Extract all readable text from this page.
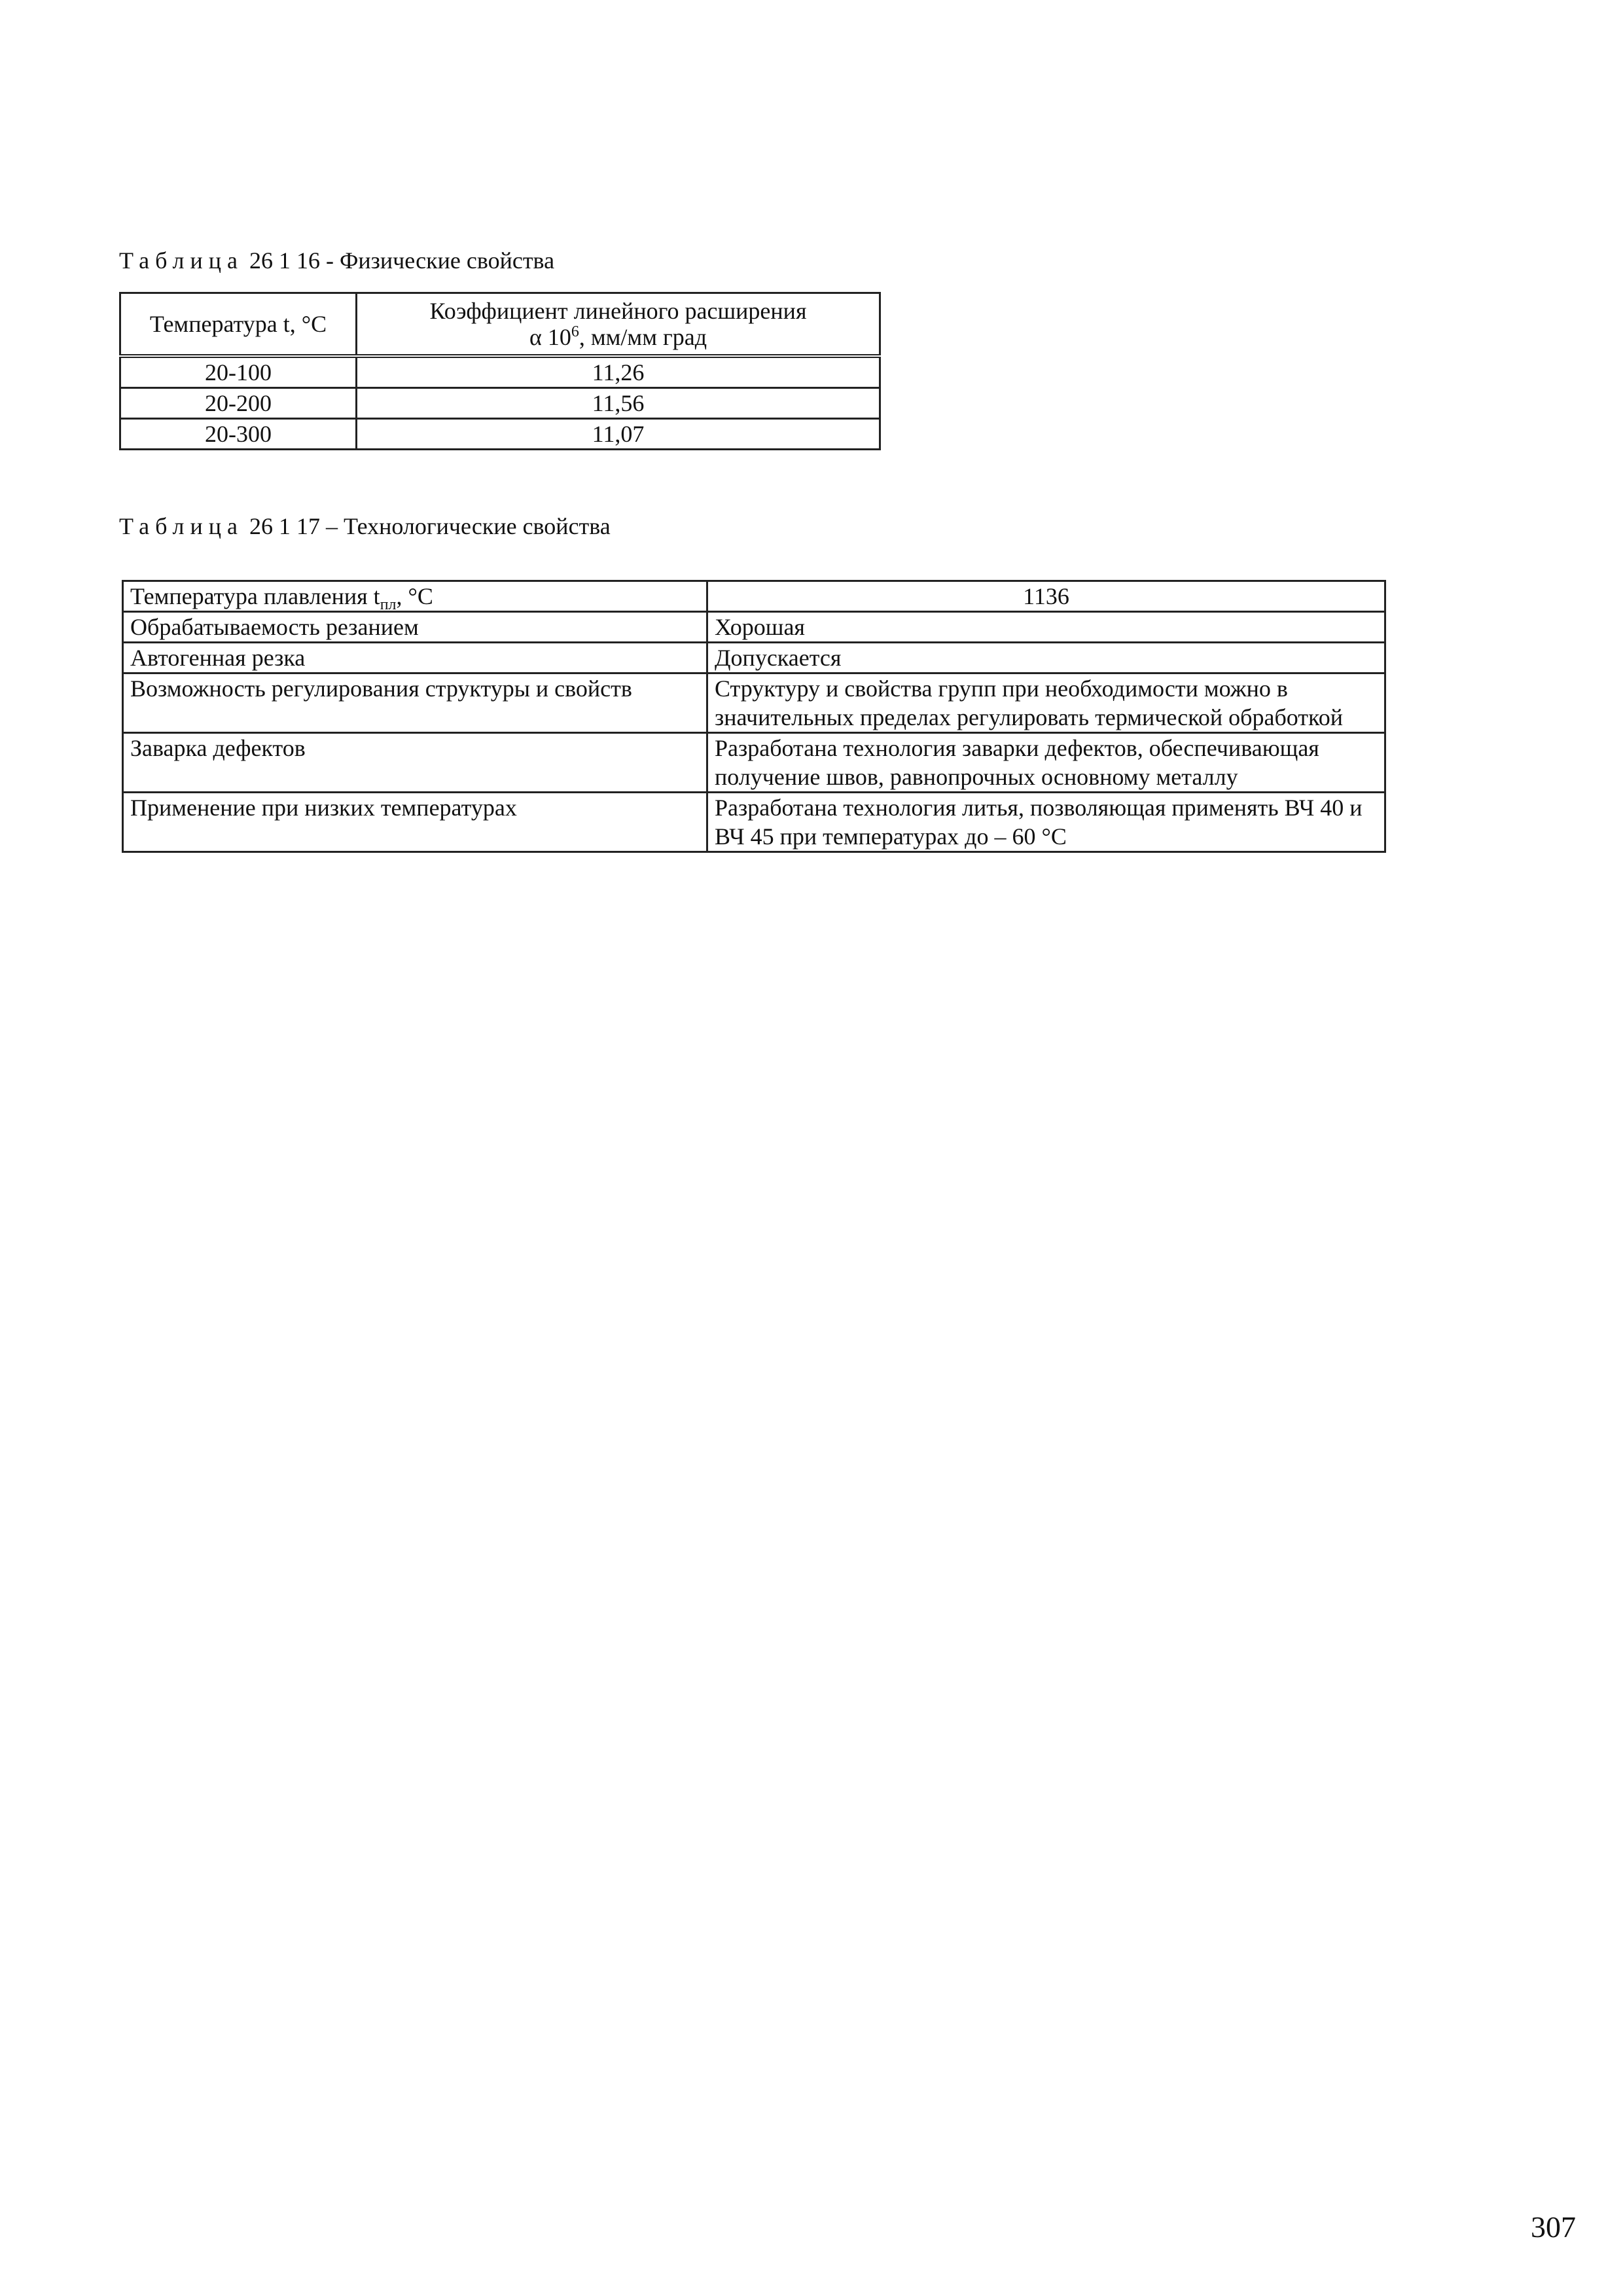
Таблица 26 1 16 - Физические свойства
Температура t, °С	Коэффициент линейного расширения
α $10^6$, мм/мм град
20-100	11,26
20-200	11,56
20-300	11,07
Таблица 26 1 17 – Технологические свойства
Температура плавления $t_{пл}$, °С	1136
Обрабатываемость резанием	Хорошая
Автогенная резка	Допускается
Возможность регулирования структуры и свойств	Структуру и свойства групп при необходимости можно в значительных пределах регулировать термической обработкой
Заварка дефектов	Разработана технология заварки дефектов, обеспечивающая получение швов, равнопрочных основному металлу
Применение при низких температурах	Разработана технология литья, позволяющая применять ВЧ 40 и ВЧ 45 при температурах до – 60 °С
307
